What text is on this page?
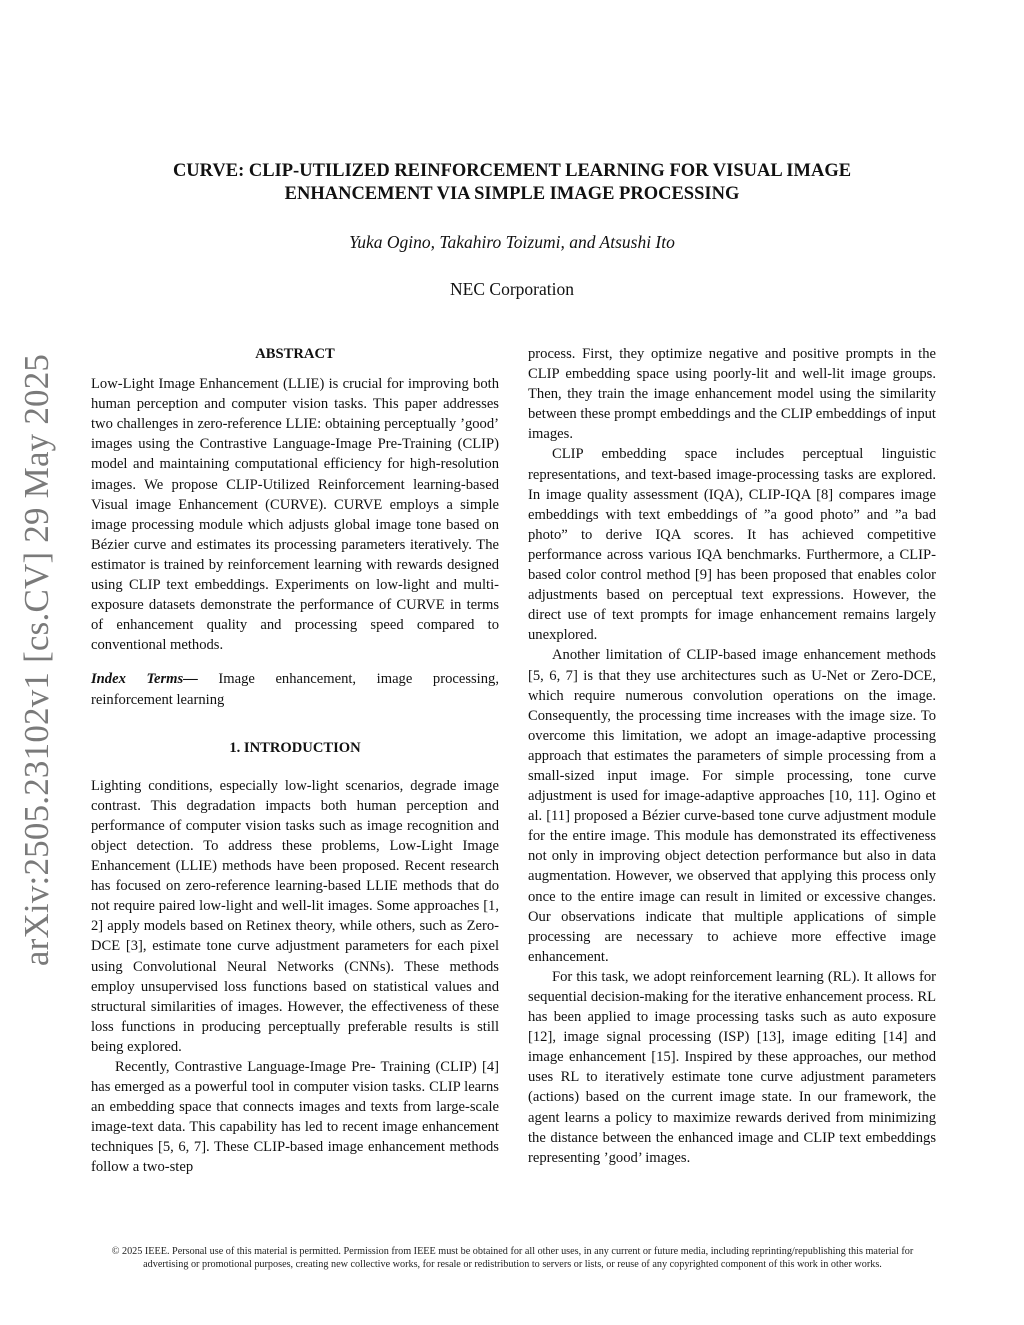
arXiv:2505.23102v1 [cs.CV] 29 May 2025
CURVE: CLIP-UTILIZED REINFORCEMENT LEARNING FOR VISUAL IMAGE
ENHANCEMENT VIA SIMPLE IMAGE PROCESSING
Yuka Ogino, Takahiro Toizumi, and Atsushi Ito
NEC Corporation
ABSTRACT

Low-Light Image Enhancement (LLIE) is crucial for improving both human perception and computer vision tasks. This paper addresses two challenges in zero-reference LLIE: obtaining perceptually ’good’ images using the Contrastive Language-Image Pre-Training (CLIP) model and maintaining computational efficiency for high-resolution images. We propose CLIP-Utilized Reinforcement learning-based Visual image Enhancement (CURVE). CURVE employs a simple image processing module which adjusts global image tone based on Bézier curve and estimates its processing parameters iteratively. The estimator is trained by reinforcement learning with rewards designed using CLIP text embeddings. Experiments on low-light and multi-exposure datasets demonstrate the performance of CURVE in terms of enhancement quality and processing speed compared to conventional methods.

Index Terms— Image enhancement, image processing, reinforcement learning

1. INTRODUCTION

Lighting conditions, especially low-light scenarios, degrade image contrast. This degradation impacts both human perception and performance of computer vision tasks such as image recognition and object detection. To address these problems, Low-Light Image Enhancement (LLIE) methods have been proposed. Recent research has focused on zero-reference learning-based LLIE methods that do not require paired low-light and well-lit images. Some approaches [1, 2] apply models based on Retinex theory, while others, such as Zero-DCE [3], estimate tone curve adjustment parameters for each pixel using Convolutional Neural Networks (CNNs). These methods employ unsupervised loss functions based on statistical values and structural similarities of images. However, the effectiveness of these loss functions in producing perceptually preferable results is still being explored.

Recently, Contrastive Language-Image Pre- Training (CLIP) [4] has emerged as a powerful tool in computer vision tasks. CLIP learns an embedding space that connects images and texts from large-scale image-text data. This capability has led to recent image enhancement techniques [5, 6, 7]. These CLIP-based image enhancement methods follow a two-step

process. First, they optimize negative and positive prompts in the CLIP embedding space using poorly-lit and well-lit image groups. Then, they train the image enhancement model using the similarity between these prompt embeddings and the CLIP embeddings of input images.

CLIP embedding space includes perceptual linguistic representations, and text-based image-processing tasks are explored. In image quality assessment (IQA), CLIP-IQA [8] compares image embeddings with text embeddings of ”a good photo” and ”a bad photo” to derive IQA scores. It has achieved competitive performance across various IQA benchmarks. Furthermore, a CLIP-based color control method [9] has been proposed that enables color adjustments based on perceptual text expressions. However, the direct use of text prompts for image enhancement remains largely unexplored.

Another limitation of CLIP-based image enhancement methods [5, 6, 7] is that they use architectures such as U-Net or Zero-DCE, which require numerous convolution operations on the image. Consequently, the processing time increases with the image size. To overcome this limitation, we adopt an image-adaptive processing approach that estimates the parameters of simple processing from a small-sized input image. For simple processing, tone curve adjustment is used for image-adaptive approaches [10, 11]. Ogino et al. [11] proposed a Bézier curve-based tone curve adjustment module for the entire image. This module has demonstrated its effectiveness not only in improving object detection performance but also in data augmentation. However, we observed that applying this process only once to the entire image can result in limited or excessive changes. Our observations indicate that multiple applications of simple processing are necessary to achieve more effective image enhancement.

For this task, we adopt reinforcement learning (RL). It allows for sequential decision-making for the iterative enhancement process. RL has been applied to image processing tasks such as auto exposure [12], image signal processing (ISP) [13], image editing [14] and image enhancement [15]. Inspired by these approaches, our method uses RL to iteratively estimate tone curve adjustment parameters (actions) based on the current image state. In our framework, the agent learns a policy to maximize rewards derived from minimizing the distance between the enhanced image and CLIP text embeddings representing ’good’ images.

© 2025 IEEE. Personal use of this material is permitted. Permission from IEEE must be obtained for all other uses, in any current or future media, including reprinting/republishing this material for advertising or promotional purposes, creating new collective works, for resale or redistribution to servers or lists, or reuse of any copyrighted component of this work in other works.
